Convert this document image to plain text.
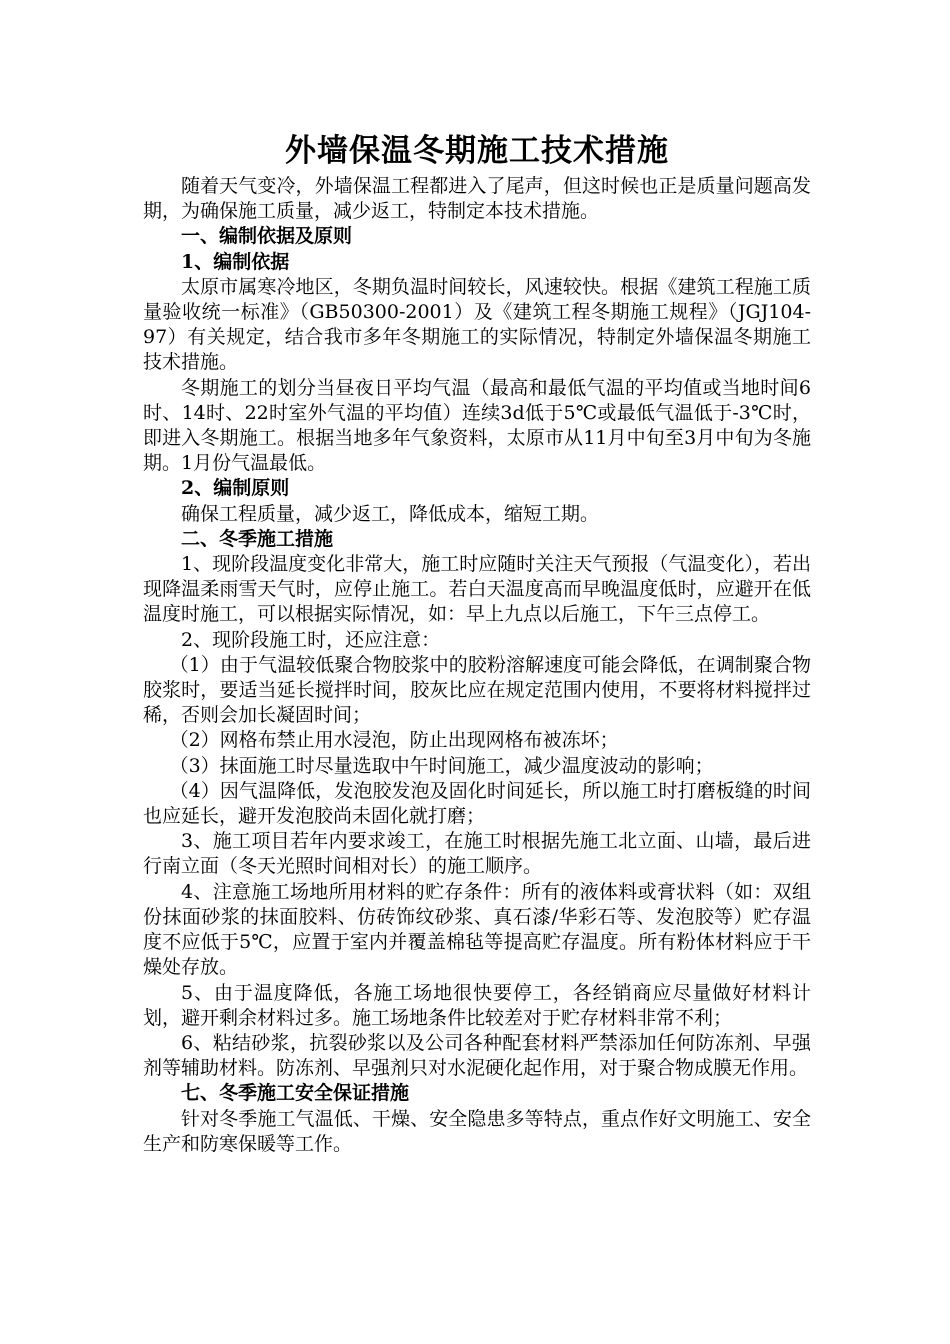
外墙保温冬期施工技术措施

随着天气变冷，外墙保温工程都进入了尾声，但这时候也正是质量问题高发期，为确保施工质量，减少返工，特制定本技术措施。

一、编制依据及原则

1、编制依据

太原市属寒冷地区，冬期负温时间较长，风速较快。根据《建筑工程施工质量验收统一标准》（GB50300-2001）及《建筑工程冬期施工规程》（JGJ104-97）有关规定，结合我市多年冬期施工的实际情况，特制定外墙保温冬期施工技术措施。

冬期施工的划分当昼夜日平均气温（最高和最低气温的平均值或当地时间6时、14时、22时室外气温的平均值）连续3d低于5℃或最低气温低于-3℃时，即进入冬期施工。根据当地多年气象资料，太原市从11月中旬至3月中旬为冬施期。1月份气温最低。

2、编制原则

确保工程质量，减少返工，降低成本，缩短工期。

二、冬季施工措施

1、现阶段温度变化非常大，施工时应随时关注天气预报（气温变化），若出现降温柔雨雪天气时，应停止施工。若白天温度高而早晚温度低时，应避开在低温度时施工，可以根据实际情况，如：早上九点以后施工，下午三点停工。

2、现阶段施工时，还应注意：

（1）由于气温较低聚合物胶浆中的胶粉溶解速度可能会降低，在调制聚合物胶浆时，要适当延长搅拌时间，胶灰比应在规定范围内使用，不要将材料搅拌过稀，否则会加长凝固时间；

（2）网格布禁止用水浸泡，防止出现网格布被冻坏；

（3）抹面施工时尽量选取中午时间施工，减少温度波动的影响；

（4）因气温降低，发泡胶发泡及固化时间延长，所以施工时打磨板缝的时间也应延长，避开发泡胶尚未固化就打磨；

3、施工项目若年内要求竣工，在施工时根据先施工北立面、山墙，最后进行南立面（冬天光照时间相对长）的施工顺序。

4、注意施工场地所用材料的贮存条件：所有的液体料或膏状料（如：双组份抹面砂浆的抹面胶料、仿砖饰纹砂浆、真石漆/华彩石等、发泡胶等）贮存温度不应低于5℃，应置于室内并覆盖棉毡等提高贮存温度。所有粉体材料应于干燥处存放。

5、由于温度降低，各施工场地很快要停工，各经销商应尽量做好材料计划，避开剩余材料过多。施工场地条件比较差对于贮存材料非常不利；

6、粘结砂浆，抗裂砂浆以及公司各种配套材料严禁添加任何防冻剂、早强剂等辅助材料。防冻剂、早强剂只对水泥硬化起作用，对于聚合物成膜无作用。

七、冬季施工安全保证措施

针对冬季施工气温低、干燥、安全隐患多等特点，重点作好文明施工、安全生产和防寒保暖等工作。
